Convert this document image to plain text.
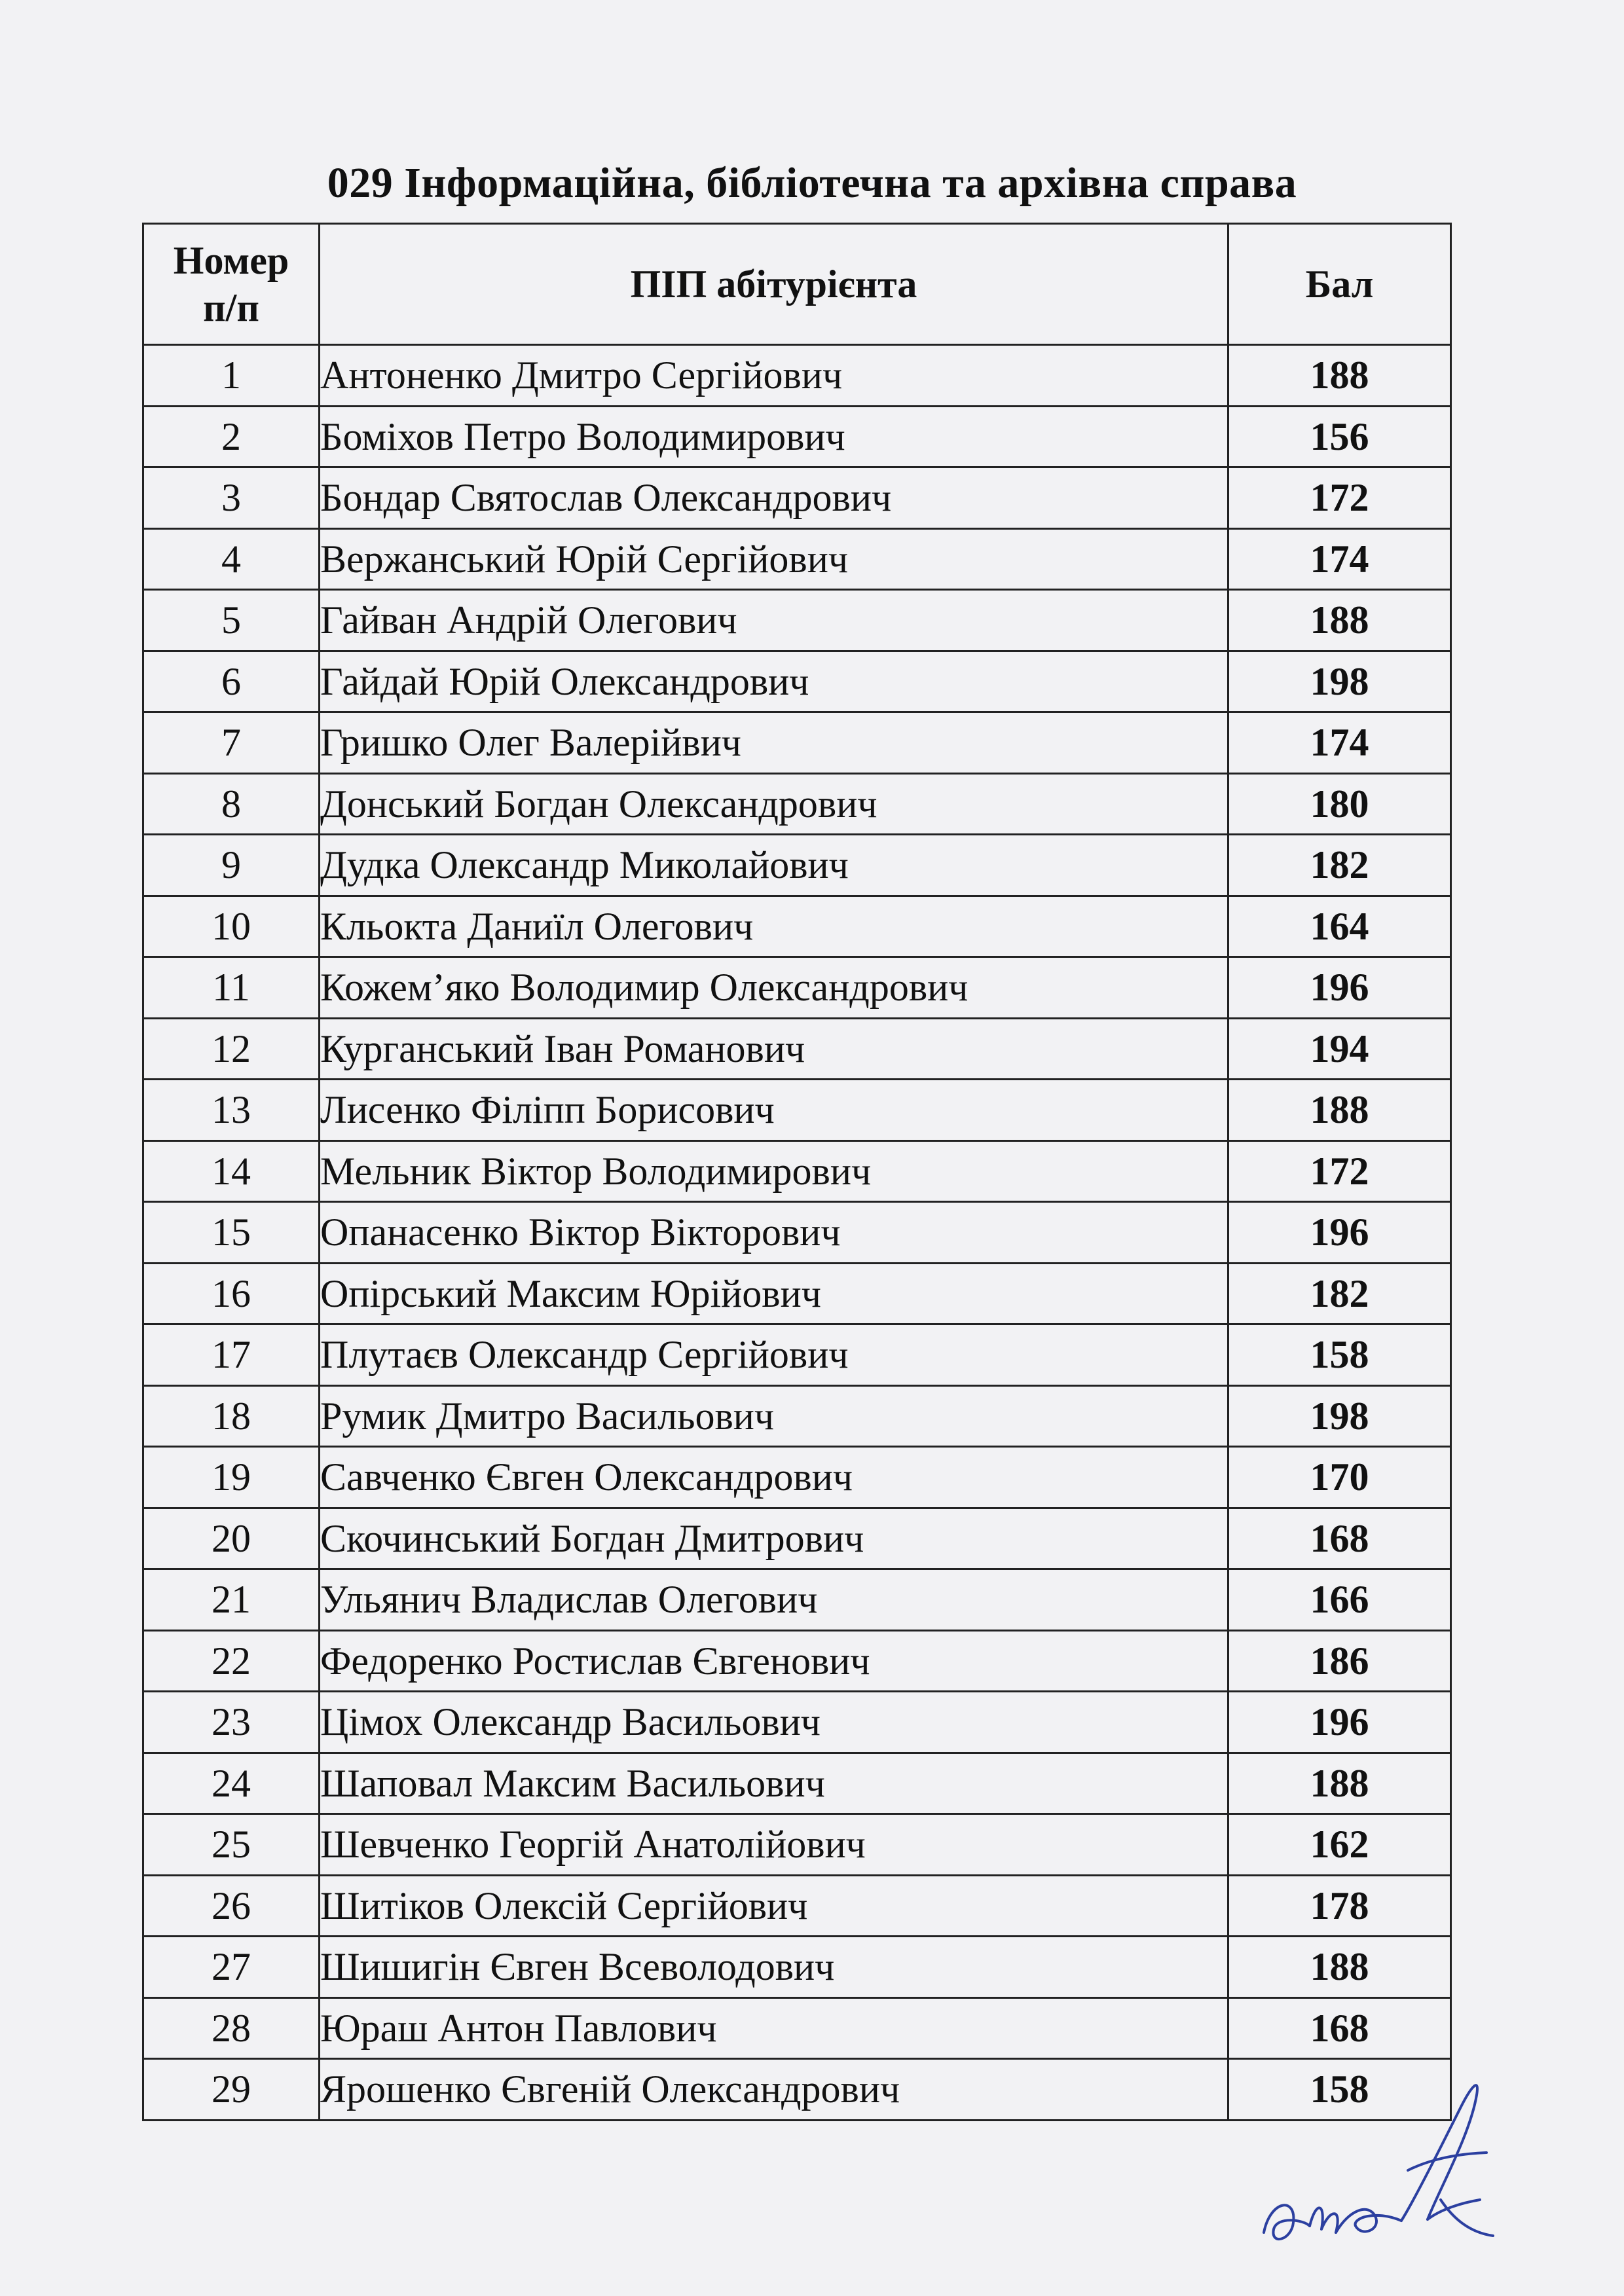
029 Інформаційна, бібліотечна та архівна справа
Номер
п/п	ПІП абітурієнта	Бал
1	Антоненко Дмитро Сергійович	188
2	Боміхов Петро Володимирович	156
3	Бондар Святослав Олександрович	172
4	Вержанський Юрій Сергійович	174
5	Гайван Андрій Олегович	188
6	Гайдай Юрій Олександрович	198
7	Гришко Олег Валерійвич	174
8	Донський Богдан Олександрович	180
9	Дудка Олександр Миколайович	182
10	Кльокта Даниїл Олегович	164
11	Кожем’яко Володимир Олександрович	196
12	Курганський Іван Романович	194
13	Лисенко Філіпп Борисович	188
14	Мельник Віктор Володимирович	172
15	Опанасенко Віктор Вікторович	196
16	Опірський Максим Юрійович	182
17	Плутаєв Олександр Сергійович	158
18	Румик Дмитро Васильович	198
19	Савченко Євген Олександрович	170
20	Скочинський Богдан Дмитрович	168
21	Ульянич Владислав Олегович	166
22	Федоренко Ростислав Євгенович	186
23	Цімох Олександр Васильович	196
24	Шаповал Максим Васильович	188
25	Шевченко Георгій Анатолійович	162
26	Шитіков Олексій Сергійович	178
27	Шишигін Євген Всеволодович	188
28	Юраш Антон Павлович	168
29	Ярошенко Євгеній Олександрович	158
